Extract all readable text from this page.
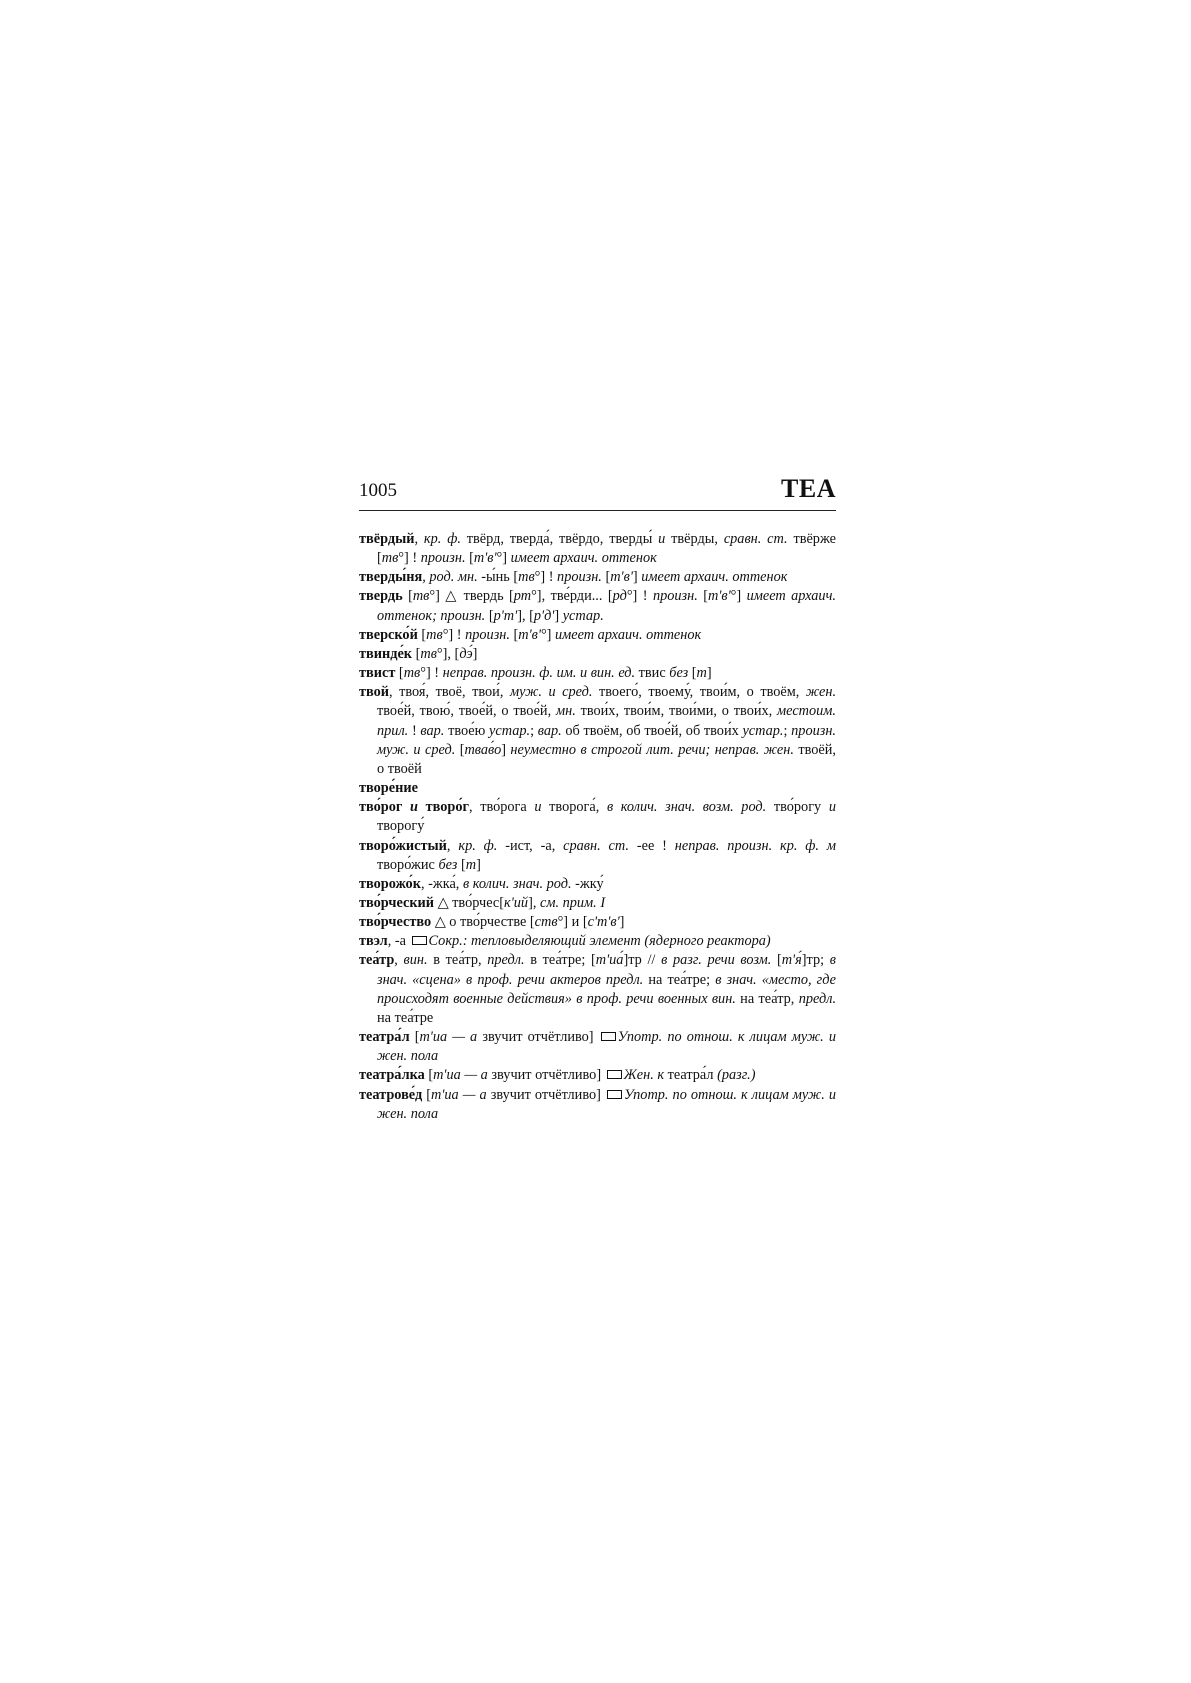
1005	ТЕА

твёрдый, кр. ф. твёрд, тверда́, твёрдо, тверды́ и твёрды, сравн. ст. твёрже [тв°] ! произн. [т'в'°] имеет архаич. оттенок

тверды́ня, род. мн. -ы́нь [тв°] ! произн. [т'в'] имеет архаич. оттенок

твердь [тв°] △ твердь [рт°], тве́рди... [рд°] ! произн. [т'в'°] имеет архаич. оттенок; произн. [р'т'], [р'д'] устар.

тверско́й [тв°] ! произн. [т'в'°] имеет архаич. оттенок

твинде́к [тв°], [дэ́]

твист [тв°] ! неправ. произн. ф. им. и вин. ед. твис без [т]

твой, твоя́, твоё, твои́, муж. и сред. твоего́, твоему́, твои́м, о твоём, жен. твое́й, твою́, твое́й, о твое́й, мн. твои́х, твои́м, твои́ми, о твои́х, местоим. прил. ! вар. твое́ю устар.; вар. об твоём, об твое́й, об твои́х устар.; произн. муж. и сред. [твав́о] неуместно в строгой лит. речи; неправ. жен. твоёй, о твоёй

творе́ние

тво́рог и творо́г, тво́рога и творога́, в колич. знач. возм. род. тво́рогу и творогу́

творо́жистый, кр. ф. -ист, -а, сравн. ст. -ее ! неправ. произн. кр. ф. м творо́жис без [т]

творожо́к, -жка́, в колич. знач. род. -жку́

тво́рческий △ тво́рчес[к'ий], см. прим. I

тво́рчество △ о тво́рчестве [ств°] и [с'т'в']

твэл, -а Сокр.: тепловыделяющий элемент (ядерного реактора)

теа́тр, вин. в теа́тр, предл. в теа́тре; [т'иа́]тр // в разг. речи возм. [т'я́]тр; в знач. «сцена» в проф. речи актеров предл. на теа́тре; в знач. «место, где происходят военные действия» в проф. речи военных вин. на теа́тр, предл. на теа́тре

театра́л [т'иа — а звучит отчётливо] Употр. по отнош. к лицам муж. и жен. пола

театра́лка [т'иа — а звучит отчётливо] Жен. к театра́л (разг.)

театрове́д [т'иа — а звучит отчётливо] Употр. по отнош. к лицам муж. и жен. пола
